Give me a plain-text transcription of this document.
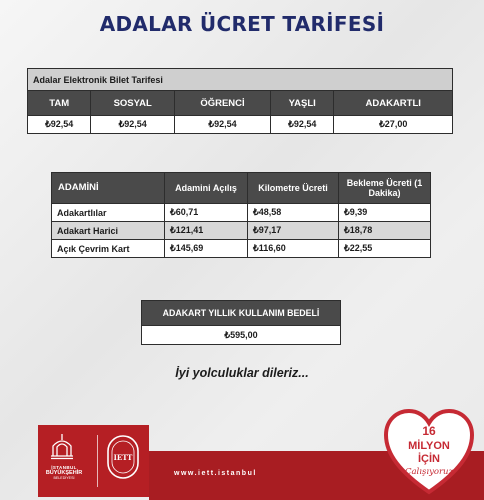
ADALAR ÜCRET TARİFESİ
Adalar Elektronik Bilet Tarifesi				
TAM	SOSYAL	ÖĞRENCİ	YAŞLI	ADAKARTLI
₺92,54	₺92,54	₺92,54	₺92,54	₺27,00
ADAMİNİ	Adamini Açılış	Kilometre Ücreti	Bekleme Ücreti (1 Dakika)
Adakartlılar	₺60,71	₺48,58	₺9,39
Adakart Harici	₺121,41	₺97,17	₺18,78
Açık Çevrim Kart	₺145,69	₺116,60	₺22,55
ADAKART YILLIK KULLANIM BEDELİ
₺595,00
İyi yolculuklar dileriz...
İSTANBUL
BÜYÜKŞEHİR
BELEDİYESİ
IETT
www.iett.istanbul
16
MİLYON
İÇİN
Çalışıyoruz
